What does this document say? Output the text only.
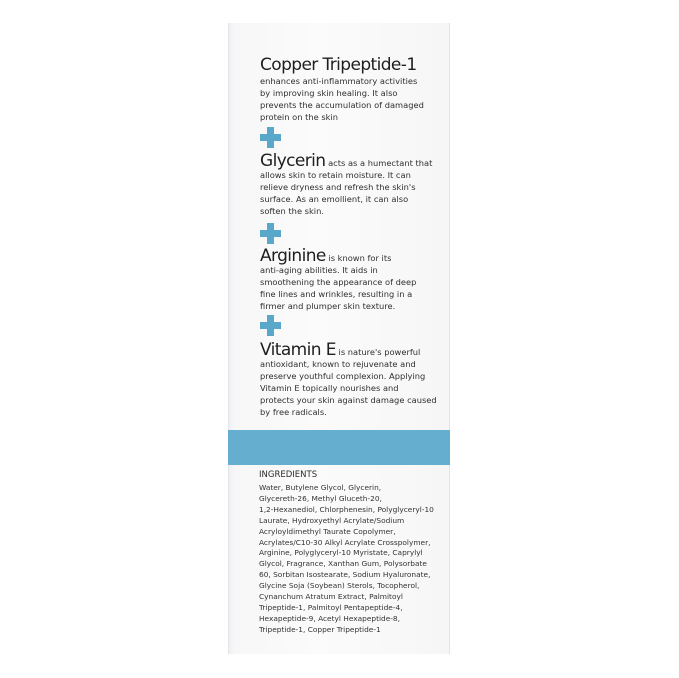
Copper Tripeptide-1
enhances anti-inflammatory activities
by improving skin healing. It also
prevents the accumulation of damaged
protein on the skin
Glycerin acts as a humectant that
allows skin to retain moisture. It can
relieve dryness and refresh the skin's
surface. As an emollient, it can also
soften the skin.
Arginine is known for its
anti-aging abilities. It aids in
smoothening the appearance of deep
fine lines and wrinkles, resulting in a
firmer and plumper skin texture.
Vitamin E is nature's powerful
antioxidant, known to rejuvenate and
preserve youthful complexion. Applying
Vitamin E topically nourishes and
protects your skin against damage caused
by free radicals.
INGREDIENTS
Water, Butylene Glycol, Glycerin,
Glycereth-26, Methyl Gluceth-20,
1,2-Hexanediol, Chlorphenesin, Polyglyceryl-10
Laurate, Hydroxyethyl Acrylate/Sodium
Acryloyldimethyl Taurate Copolymer,
Acrylates/C10-30 Alkyl Acrylate Crosspolymer,
Arginine, Polyglyceryl-10 Myristate, Caprylyl
Glycol, Fragrance, Xanthan Gum, Polysorbate
60, Sorbitan Isostearate, Sodium Hyaluronate,
Glycine Soja (Soybean) Sterols, Tocopherol,
Cynanchum Atratum Extract, Palmitoyl
Tripeptide-1, Palmitoyl Pentapeptide-4,
Hexapeptide-9, Acetyl Hexapeptide-8,
Tripeptide-1, Copper Tripeptide-1
